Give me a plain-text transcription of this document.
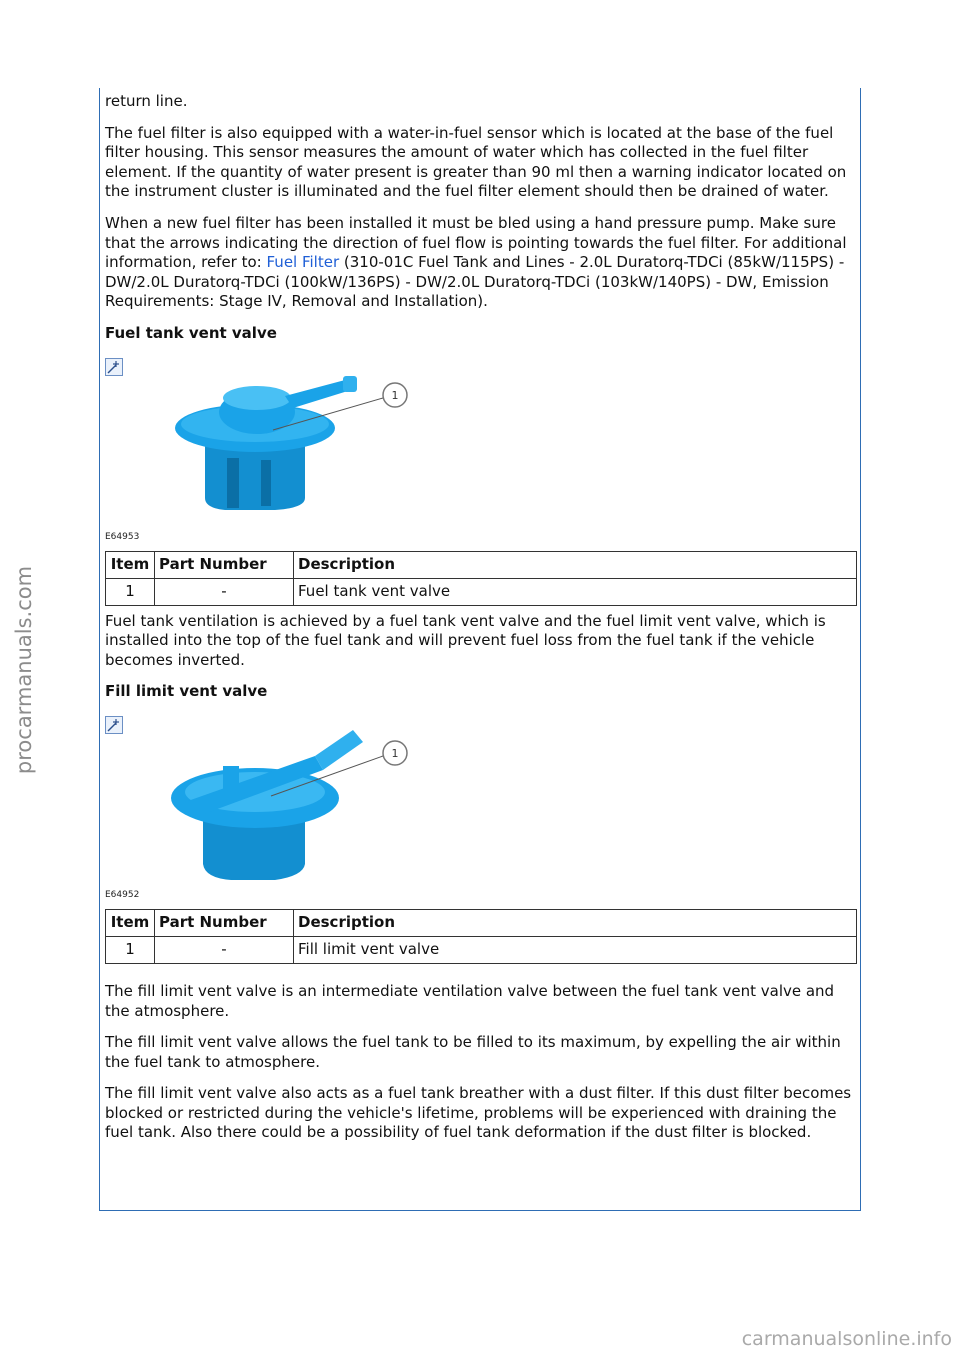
procarmanuals.com

return line.

The fuel filter is also equipped with a water-in-fuel sensor which is located at the base of the fuel filter housing. This sensor measures the amount of water which has collected in the fuel filter element. If the quantity of water present is greater than 90 ml then a warning indicator located on the instrument cluster is illuminated and the fuel filter element should then be drained of water.

When a new fuel filter has been installed it must be bled using a hand pressure pump. Make sure that the arrows indicating the direction of fuel flow is pointing towards the fuel filter. For additional information, refer to: Fuel Filter (310-01C Fuel Tank and Lines - 2.0L Duratorq-TDCi (85kW/115PS) - DW/2.0L Duratorq-TDCi (100kW/136PS) - DW/2.0L Duratorq-TDCi (103kW/140PS) - DW, Emission Requirements: Stage IV, Removal and Installation).

Fuel tank vent valve

1
E64953
Item	Part Number	Description
1	-	Fuel tank vent valve

Fuel tank ventilation is achieved by a fuel tank vent valve and the fuel limit vent valve, which is installed into the top of the fuel tank and will prevent fuel loss from the fuel tank if the vehicle becomes inverted.

Fill limit vent valve

1
E64952
Item	Part Number	Description
1	-	Fill limit vent valve

The fill limit vent valve is an intermediate ventilation valve between the fuel tank vent valve and the atmosphere.

The fill limit vent valve allows the fuel tank to be filled to its maximum, by expelling the air within the fuel tank to atmosphere.

The fill limit vent valve also acts as a fuel tank breather with a dust filter. If this dust filter becomes blocked or restricted during the vehicle's lifetime, problems will be experienced with draining the fuel tank. Also there could be a possibility of fuel tank deformation if the dust filter is blocked.

carmanualsonline.info
